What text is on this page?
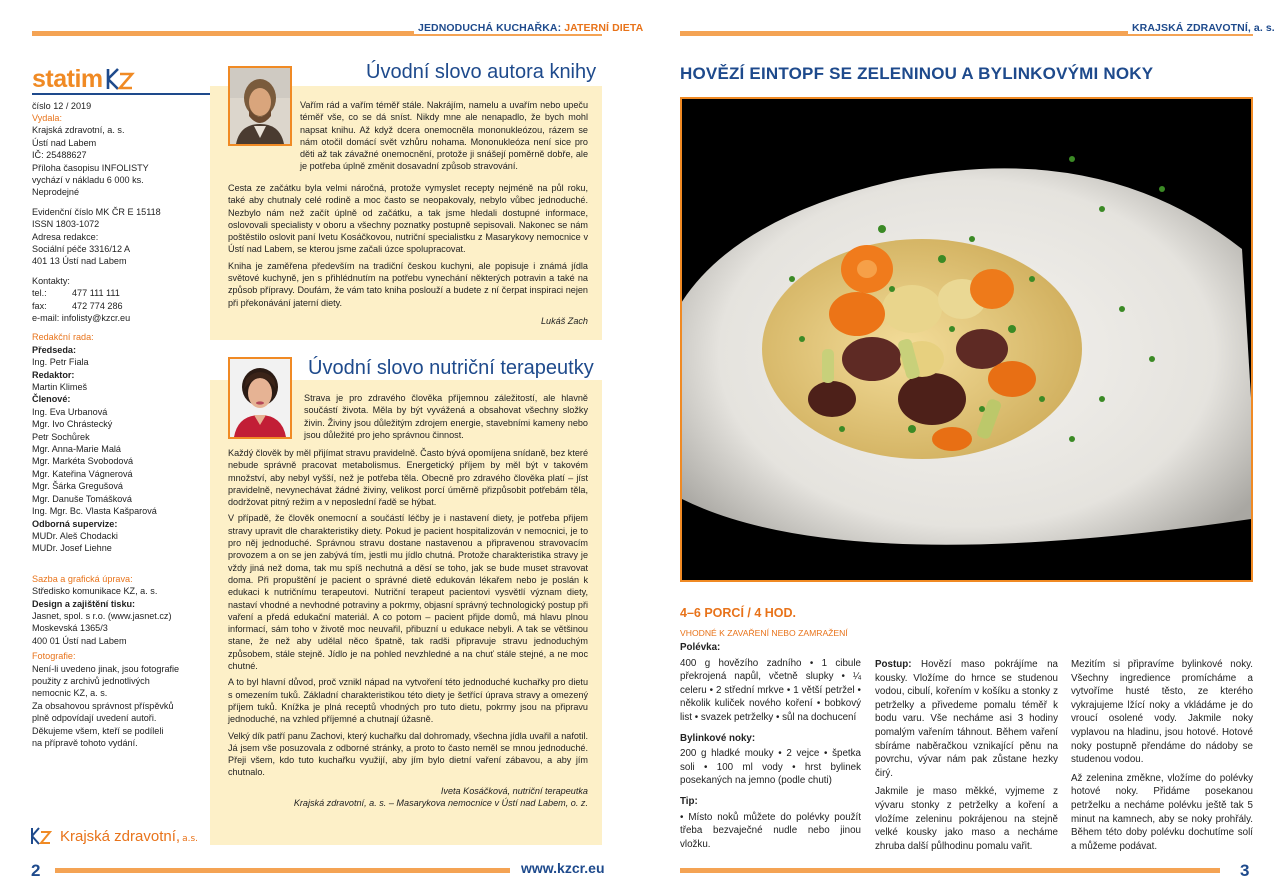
JEDNODUCHÁ KUCHAŘKA: JATERNÍ DIETA	KRAJSKÁ ZDRAVOTNÍ, a. s.
statim
číslo 12 / 2019
Vydala:
Krajská zdravotní, a. s.
Ústí nad Labem
IČ: 25488627
Příloha časopisu INFOLISTY
vychází v nákladu 6 000 ks.
Neprodejné
Evidenční číslo MK ČR E 15118
ISSN 1803-1072
Adresa redakce:
Sociální péče 3316/12 A
401 13 Ústí nad Labem
Kontakty:
tel.:	477 111 111
fax:	472 774 286
e-mail: infolisty@kzcr.eu
Redakční rada:
Předseda:
Ing. Petr Fiala
Redaktor:
Martin Klimeš
Členové:
Ing. Eva Urbanová
Mgr. Ivo Chrástecký
Petr Sochůrek
Mgr. Anna-Marie Malá
Mgr. Markéta Svobodová
Mgr. Kateřina Vágnerová
Mgr. Šárka Gregušová
Mgr. Danuše Tomášková
Ing. Mgr. Bc. Vlasta Kašparová
Odborná supervize:
MUDr. Aleš Chodacki
MUDr. Josef Liehne
Sazba a grafická úprava:
Středisko komunikace KZ, a. s.
Design a zajištění tisku:
Jasnet, spol. s r.o. (www.jasnet.cz)
Moskevská 1365/3
400 01 Ústí nad Labem
Fotografie:
Není-li uvedeno jinak, jsou fotografie
použity z archivů jednotlivých
nemocnic KZ, a. s.
Za obsahovou správnost příspěvků
plně odpovídají uvedení autoři.
Děkujeme všem, kteří se podíleli
na přípravě tohoto vydání.
Krajská zdravotní, a.s.
Úvodní slovo autora knihy

Vařím rád a vařím téměř stále. Nakrájím, namelu a uvařím nebo upeču téměř vše, co se dá sníst. Nikdy mne ale nenapadlo, že bych mohl napsat knihu. Až když dcera onemocněla mononukleózou, rázem se nám otočil domácí svět vzhůru nohama. Mononukleóza není sice pro děti až tak závažné onemocnění, protože ji snášejí poměrně dobře, ale je potřeba úplně změnit dosavadní způsob stravování.

Cesta ze začátku byla velmi náročná, protože vymyslet recepty nejméně na půl roku, také aby chutnaly celé rodině a moc často se neopakovaly, nebylo vůbec jednoduché. Nezbylo nám než začít úplně od začátku, a tak jsme hledali dostupné informace, oslovovali specialisty v oboru a všechny poznatky postupně sepisovali. Nakonec se nám poštěstilo oslovit paní Ivetu Kosáčkovou, nutriční specialistku z Masarykovy nemocnice v Ústí nad Labem, se kterou jsme začali úzce spolupracovat.

Kniha je zaměřena především na tradiční českou kuchyni, ale popisuje i známá jídla světové kuchyně, jen s přihlédnutím na potřebu vynechání některých potravin a také na způsob přípravy. Doufám, že vám tato kniha poslouží a budete z ní čerpat inspiraci nejen při překonávání jaterní diety.

Lukáš Zach

Úvodní slovo nutriční terapeutky

Strava je pro zdravého člověka příjemnou záležitostí, ale hlavně součástí života. Měla by být vyvážená a obsahovat všechny složky živin. Živiny jsou důležitým zdrojem energie, stavebními kameny nebo jsou důležité pro jeho správnou činnost.

Každý člověk by měl přijímat stravu pravidelně. Často bývá opomíjena snídaně, bez které nebude správně pracovat metabolismus. Energetický příjem by měl být v takovém množství, aby nebyl vyšší, než je potřeba těla. Obecně pro zdravého člověka platí – jíst pravidelně, nevynechávat žádné živiny, velikost porcí úměrně přizpůsobit potřebám těla, dodržovat pitný režim a v neposlední řadě se hýbat.

V případě, že člověk onemocní a součástí léčby je i nastavení diety, je potřeba přijem stravy upravit dle charakteristiky diety. Pokud je pacient hospitalizován v nemocnici, je to pro něj jednoduché. Správnou stravu dostane nastavenou a připravenou stravovacím provozem a on se jen zabývá tím, jestli mu jídlo chutná. Protože charakteristika stravy je vždy jiná než doma, tak mu spíš nechutná a děsí se toho, jak se bude muset stravovat doma. Při propuštění je pacient o správné dietě edukován lékařem nebo je poslán k edukaci k nutričnímu terapeutovi. Nutriční terapeut pacientovi vysvětlí význam diety, nastaví vhodné a nevhodné potraviny a pokrmy, objasní správný technologický postup při vaření a předá edukační materiál. A co potom – pacient přijde domů, má hlavu plnou informací, sám toho v životě moc neuvařil, přibuzní u edukace nebyli. A tak se většinou stane, že než aby udělal něco špatně, tak radši připravuje stravu jednoduchým způsobem, stále stejně. Jídlo je na pohled nevzhledné a na chuť stále stejné, a ne moc chutné.

A to byl hlavní důvod, proč vznikl nápad na vytvoření této jednoduché kuchařky pro dietu s omezením tuků. Základní charakteristikou této diety je šetřící úprava stravy a omezený příjem tuků. Knížka je plná receptů vhodných pro tuto dietu, pokrmy jsou na připravu jednoduché, na vzhled příjemné a chutnají úžasně.

Velký dík patří panu Zachovi, který kuchařku dal dohromady, všechna jídla uvařil a nafotil. Já jsem vše posuzovala z odborné stránky, a proto to často neměl se mnou jednoduché. Přeji všem, kdo tuto kuchařku využijí, aby jím bylo dietní vaření zábavou, a aby jím chutnalo.

Iveta Kosáčková, nutriční terapeutka

Krajská zdravotní, a. s. – Masarykova nemocnice v Ústí nad Labem, o. z.

2	www.kzcr.eu
HOVĚZÍ EINTOPF SE ZELENINOU A BYLINKOVÝMI NOKY
4–6 PORCÍ / 4 HOD.
VHODNÉ K ZAVAŘENÍ NEBO ZAMRAŽENÍ

Polévka:

400 g hovězího zadního • 1 cibule překrojená napůl, včetně slupky • ¼ celeru • 2 střední mrkve • 1 větší petržel • několik kuliček nového koření • bobkový list • svazek petrželky • sůl na dochucení

Bylinkové noky:

200 g hladké mouky • 2 vejce • špetka soli • 100 ml vody • hrst bylinek posekaných na jemno (podle chuti)

Tip:

• Místo noků můžete do polévky použít třeba bezvaječné nudle nebo jinou vložku.

Postup: Hovězí maso pokrájíme na kousky. Vložíme do hrnce se studenou vodou, cibulí, kořením v košíku a stonky z petrželky a přivedeme pomalu téměř k bodu varu. Vše necháme asi 3 hodiny pomalým vařením táhnout. Během vaření sbíráme naběračkou vznikající pěnu na povrchu, vývar nám pak zůstane hezky čirý.

Jakmile je maso měkké, vyjmeme z vývaru stonky z petrželky a koření a vložíme zeleninu pokrájenou na stejně velké kousky jako maso a necháme zhruba další půlhodinu pomalu vařit.

Mezitím si připravíme bylinkové noky. Všechny ingredience promícháme a vytvoříme husté těsto, ze kterého vykrajujeme lžící noky a vkládáme je do vroucí osolené vody. Jakmile noky vyplavou na hladinu, jsou hotové. Hotové noky postupně přendáme do nádoby se studenou vodou.

Až zelenina změkne, vložíme do polévky hotové noky. Přidáme posekanou petrželku a necháme polévku ještě tak 5 minut na kamnech, aby se noky prohřály. Během této doby polévku dochutíme solí a můžeme podávat.

3
